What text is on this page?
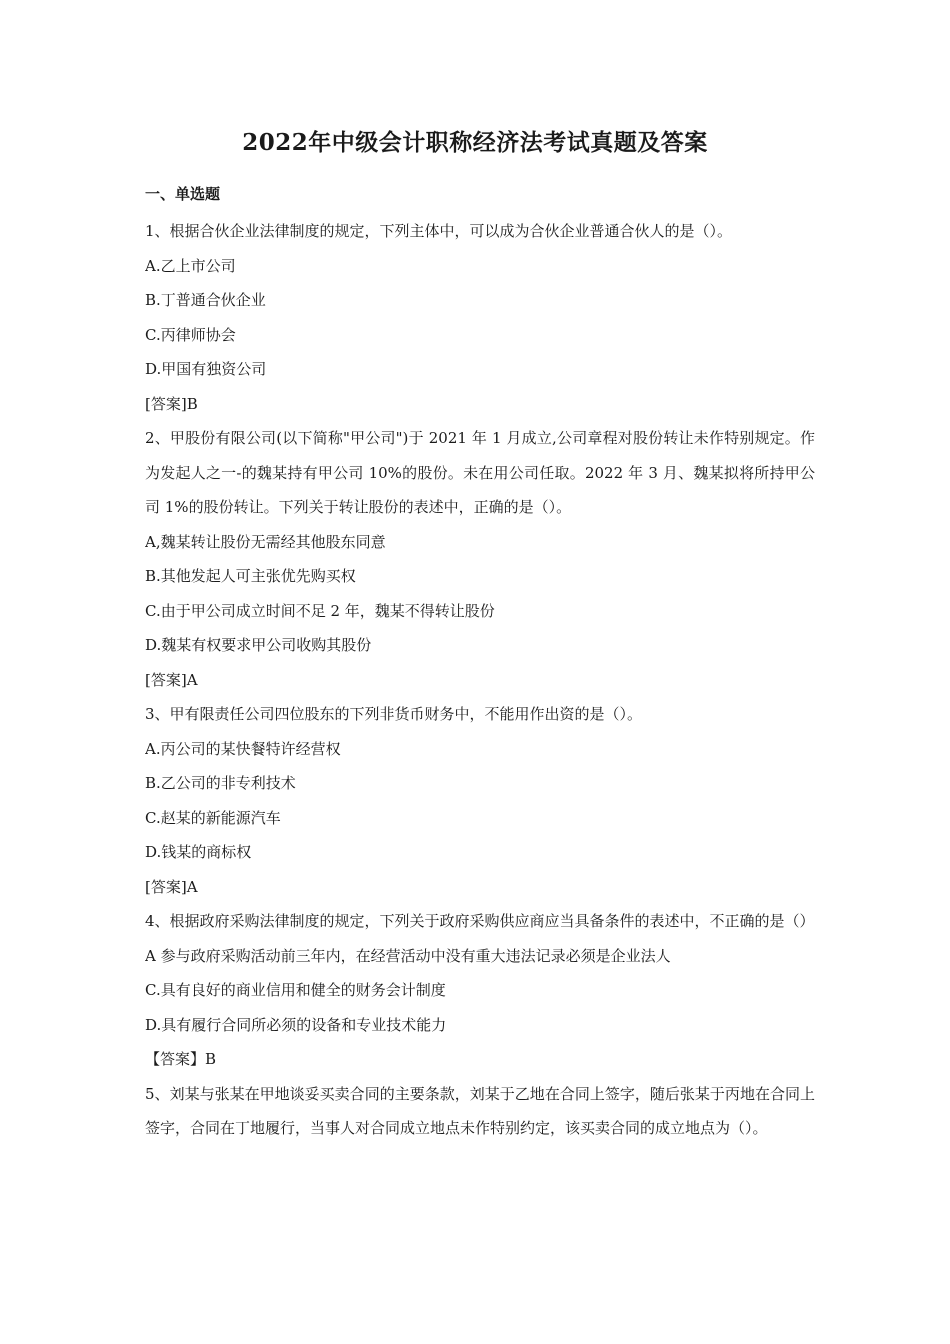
2022年中级会计职称经济法考试真题及答案
一、单选题
1、根据合伙企业法律制度的规定，下列主体中，可以成为合伙企业普通合伙人的是（）。
A.乙上市公司
B.丁普通合伙企业
C.丙律师协会
D.甲国有独资公司
[答案]B

2、甲股份有限公司(以下简称"甲公司")于 2021 年 1 月成立,公司章程对股份转让未作特别规定。作为发起人之一-的魏某持有甲公司 10%的股份。未在用公司任取。2022 年 3 月、魏某拟将所持甲公司 1%的股份转让。下列关于转让股份的表述中，正确的是（）。

A,魏某转让股份无需经其他股东同意
B.其他发起人可主张优先购买权
C.由于甲公司成立时间不足 2 年，魏某不得转让股份
D.魏某有权要求甲公司收购其股份
[答案]A
3、甲有限责任公司四位股东的下列非货币财务中，不能用作出资的是（）。
A.丙公司的某快餐特许经营权
B.乙公司的非专利技术
C.赵某的新能源汽车
D.钱某的商标权
[答案]A

4、根据政府采购法律制度的规定，下列关于政府采购供应商应当具备条件的表述中，不正确的是（）

A 参与政府采购活动前三年内，在经营活动中没有重大违法记录必须是企业法人
C.具有良好的商业信用和健全的财务会计制度
D.具有履行合同所必须的设备和专业技术能力
【答案】B

5、刘某与张某在甲地谈妥买卖合同的主要条款，刘某于乙地在合同上签字，随后张某于丙地在合同上签字，合同在丁地履行，当事人对合同成立地点未作特别约定，该买卖合同的成立地点为（）。
